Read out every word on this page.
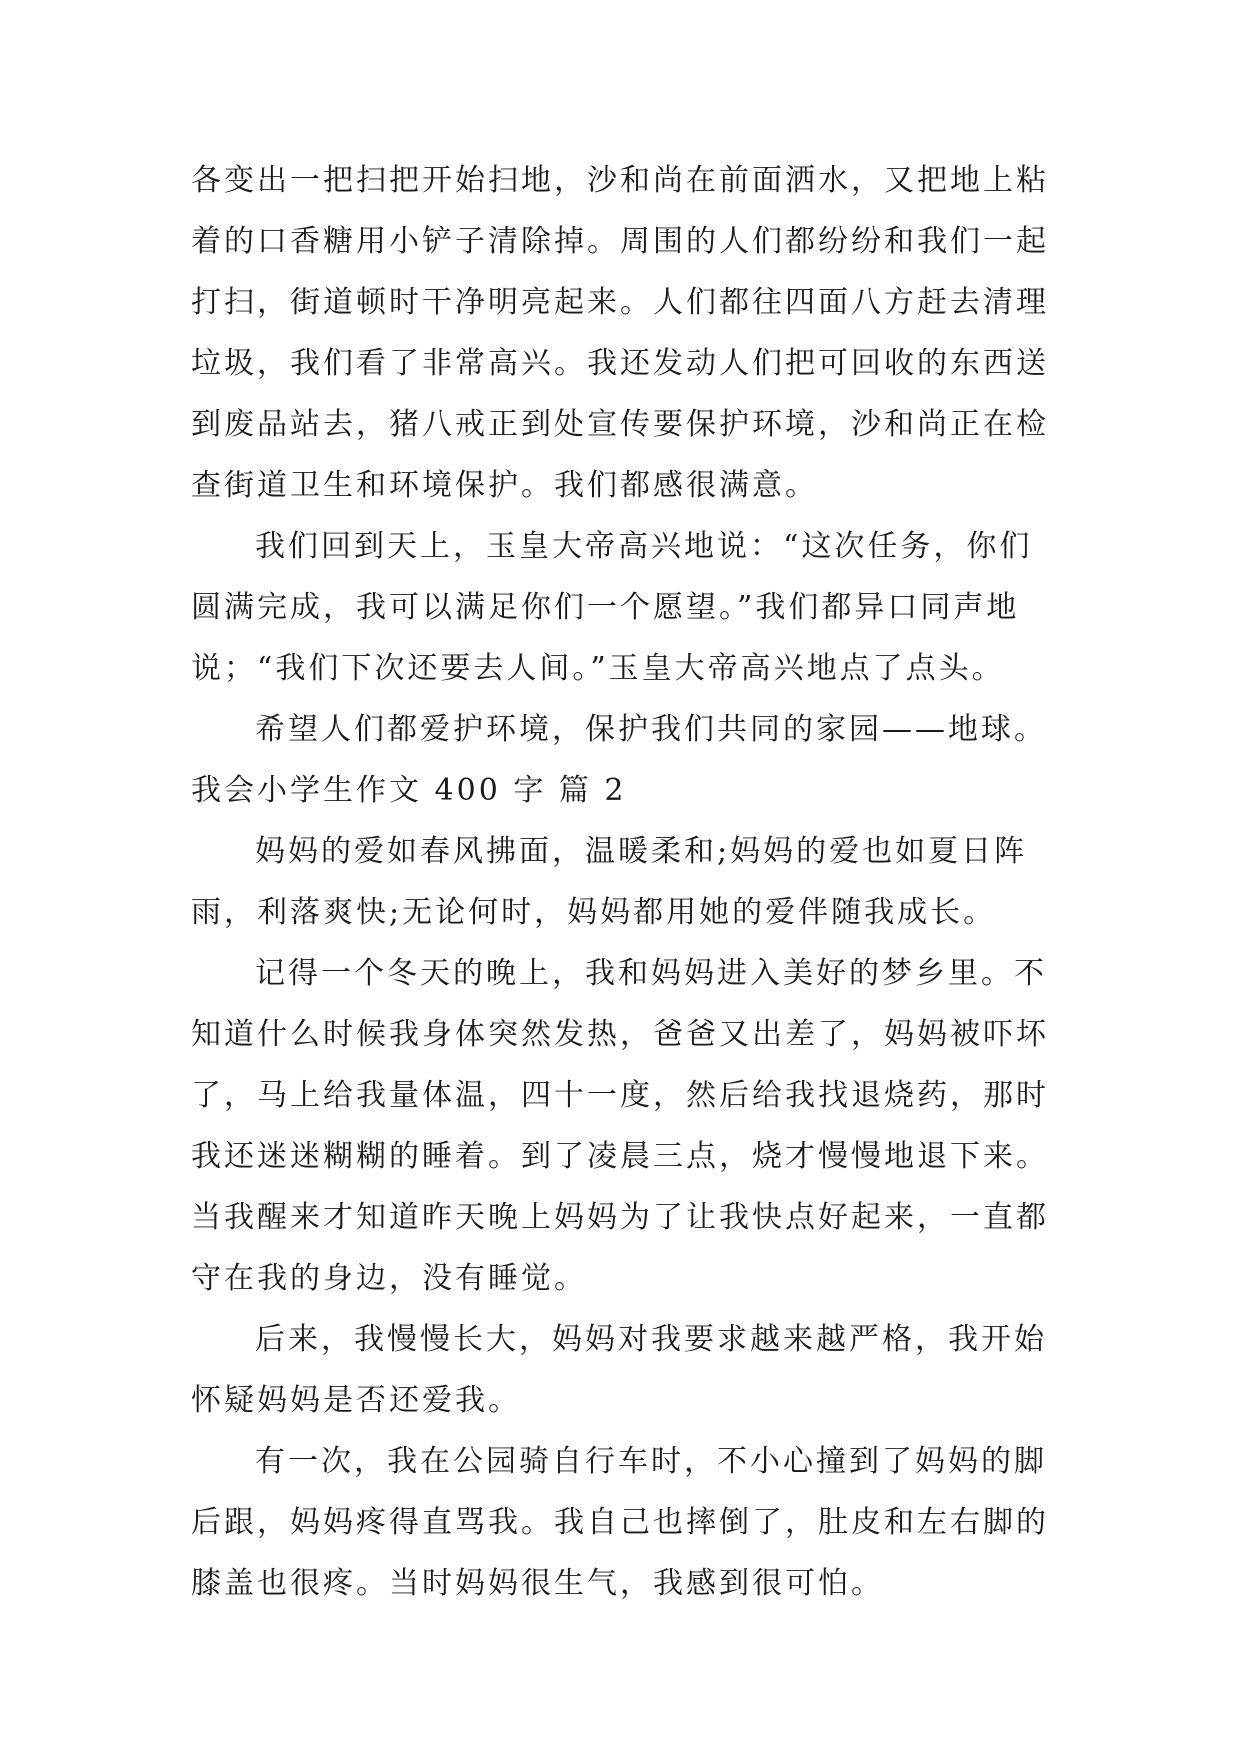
各变出一把扫把开始扫地，沙和尚在前面洒水，又把地上粘
着的口香糖用小铲子清除掉。周围的人们都纷纷和我们一起
打扫，街道顿时干净明亮起来。人们都往四面八方赶去清理
垃圾，我们看了非常高兴。我还发动人们把可回收的东西送
到废品站去，猪八戒正到处宣传要保护环境，沙和尚正在检
查街道卫生和环境保护。我们都感很满意。
我们回到天上，玉皇大帝高兴地说：“这次任务，你们
圆满完成，我可以满足你们一个愿望。”我们都异口同声地
说；“我们下次还要去人间。”玉皇大帝高兴地点了点头。
希望人们都爱护环境，保护我们共同的家园——地球。
我会小学生作文 400 字 篇 2
妈妈的爱如春风拂面，温暖柔和;妈妈的爱也如夏日阵
雨，利落爽快;无论何时，妈妈都用她的爱伴随我成长。
记得一个冬天的晚上，我和妈妈进入美好的梦乡里。不
知道什么时候我身体突然发热，爸爸又出差了，妈妈被吓坏
了，马上给我量体温，四十一度，然后给我找退烧药，那时
我还迷迷糊糊的睡着。到了凌晨三点，烧才慢慢地退下来。
当我醒来才知道昨天晚上妈妈为了让我快点好起来，一直都
守在我的身边，没有睡觉。
后来，我慢慢长大，妈妈对我要求越来越严格，我开始
怀疑妈妈是否还爱我。
有一次，我在公园骑自行车时，不小心撞到了妈妈的脚
后跟，妈妈疼得直骂我。我自己也摔倒了，肚皮和左右脚的
膝盖也很疼。当时妈妈很生气，我感到很可怕。
